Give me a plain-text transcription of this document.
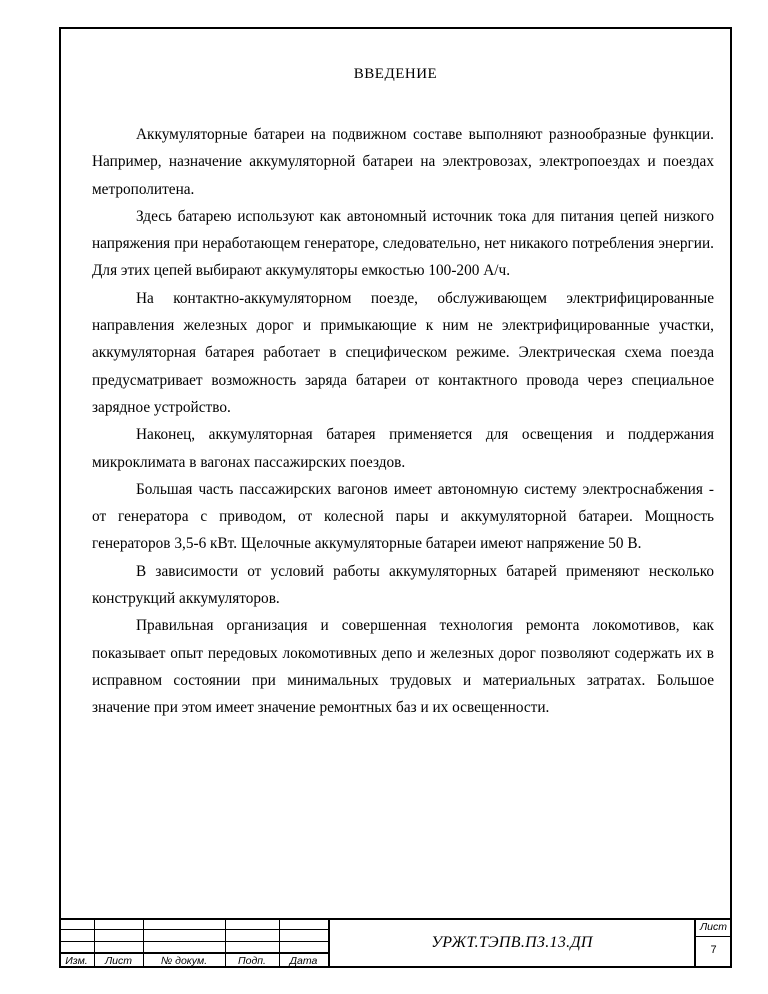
ВВЕДЕНИЕ

Аккумуляторные батареи на подвижном составе выполняют разнообразные функции. Например, назначение аккумуляторной батареи на электровозах, электропоездах и поездах метрополитена.

Здесь батарею используют как автономный источник тока для питания цепей низкого напряжения при неработающем генераторе, следовательно, нет никакого потребления энергии. Для этих цепей выбирают аккумуляторы емкостью 100-200 А/ч.

На контактно-аккумуляторном поезде, обслуживающем электрифицированные направления железных дорог и примыкающие к ним не электрифицированные участки, аккумуляторная батарея работает в специфическом режиме. Электрическая схема поезда предусматривает возможность заряда батареи от контактного провода через специальное зарядное устройство.

Наконец, аккумуляторная батарея применяется для освещения и поддержания микроклимата в вагонах пассажирских поездов.

Большая часть пассажирских вагонов имеет автономную систему электроснабжения - от генератора с приводом, от колесной пары и аккумуляторной батареи. Мощность генераторов 3,5-6 кВт. Щелочные аккумуляторные батареи имеют напряжение 50 В.

В зависимости от условий работы аккумуляторных батарей применяют несколько конструкций аккумуляторов.

Правильная организация и совершенная технология ремонта локомотивов, как показывает опыт передовых локомотивных депо и железных дорог позволяют содержать их в исправном состоянии при минимальных трудовых и материальных затратах. Большое значение при этом имеет значение ремонтных баз и их освещенности.

Изм.	Лист	№ докум.	Подп.	Дата
УРЖТ.ТЭПВ.ПЗ.13.ДП
Лист
7
